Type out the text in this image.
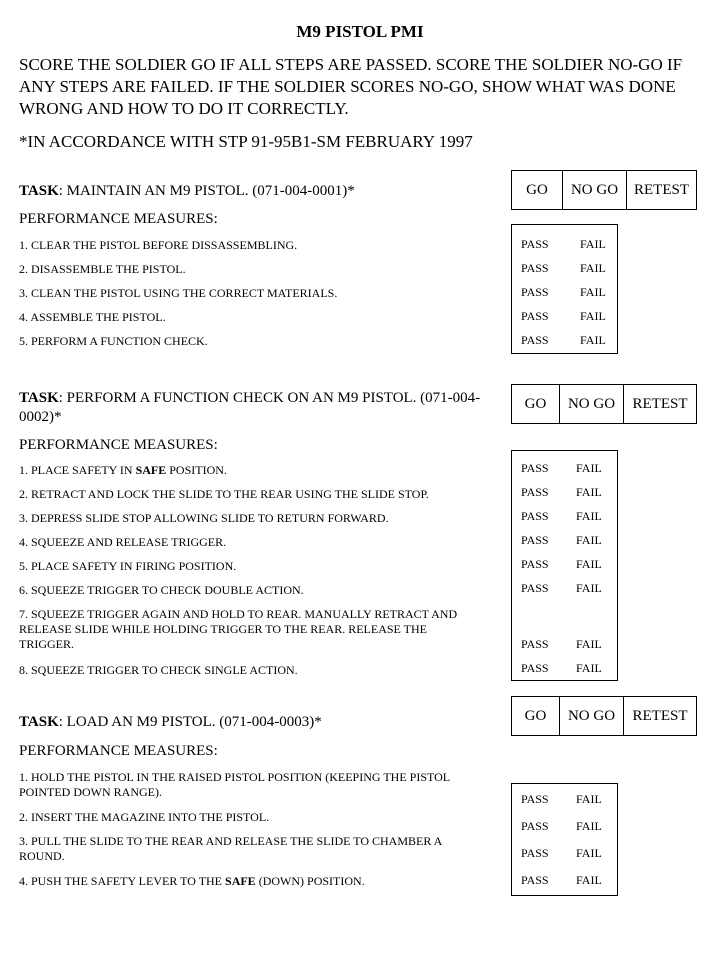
M9 PISTOL PMI
SCORE THE SOLDIER GO IF ALL STEPS ARE PASSED. SCORE THE SOLDIER NO-GO IF ANY STEPS ARE FAILED. IF THE SOLDIER SCORES NO-GO, SHOW WHAT WAS DONE WRONG AND HOW TO DO IT CORRECTLY.
*IN ACCORDANCE WITH STP 91-95B1-SM FEBRUARY 1997
TASK: MAINTAIN AN M9 PISTOL. (071-004-0001)*	GO	NO GO	RETEST
PERFORMANCE MEASURES:
1. CLEAR THE PISTOL BEFORE DISSASSEMBLING.
2. DISASSEMBLE THE PISTOL.
3. CLEAN THE PISTOL USING THE CORRECT MATERIALS.
4. ASSEMBLE THE PISTOL.
5. PERFORM A FUNCTION CHECK.
PASS	FAIL
PASS	FAIL
PASS	FAIL
PASS	FAIL
PASS	FAIL
TASK: PERFORM A FUNCTION CHECK ON AN M9 PISTOL. (071-004-0002)*
GO	NO GO	RETEST
PERFORMANCE MEASURES:
1. PLACE SAFETY IN SAFE POSITION.
2. RETRACT AND LOCK THE SLIDE TO THE REAR USING THE SLIDE STOP.
3. DEPRESS SLIDE STOP ALLOWING SLIDE TO RETURN FORWARD.
4. SQUEEZE AND RELEASE TRIGGER.
5. PLACE SAFETY IN FIRING POSITION.
6. SQUEEZE TRIGGER TO CHECK DOUBLE ACTION.
7. SQUEEZE TRIGGER AGAIN AND HOLD TO REAR. MANUALLY RETRACT AND RELEASE SLIDE WHILE HOLDING TRIGGER TO THE REAR. RELEASE THE TRIGGER.
8. SQUEEZE TRIGGER TO CHECK SINGLE ACTION.
PASS FAIL
PASS FAIL
PASS FAIL
PASS FAIL
PASS FAIL
PASS FAIL
PASS FAIL
PASS FAIL
TASK: LOAD AN M9 PISTOL. (071-004-0003)*	GO	NO GO	RETEST
PERFORMANCE MEASURES:
1. HOLD THE PISTOL IN THE RAISED PISTOL POSITION (KEEPING THE PISTOL POINTED DOWN RANGE).
2. INSERT THE MAGAZINE INTO THE PISTOL.
3. PULL THE SLIDE TO THE REAR AND RELEASE THE SLIDE TO CHAMBER A ROUND.
4. PUSH THE SAFETY LEVER TO THE SAFE (DOWN) POSITION.
PASS FAIL
PASS FAIL
PASS FAIL
PASS FAIL
